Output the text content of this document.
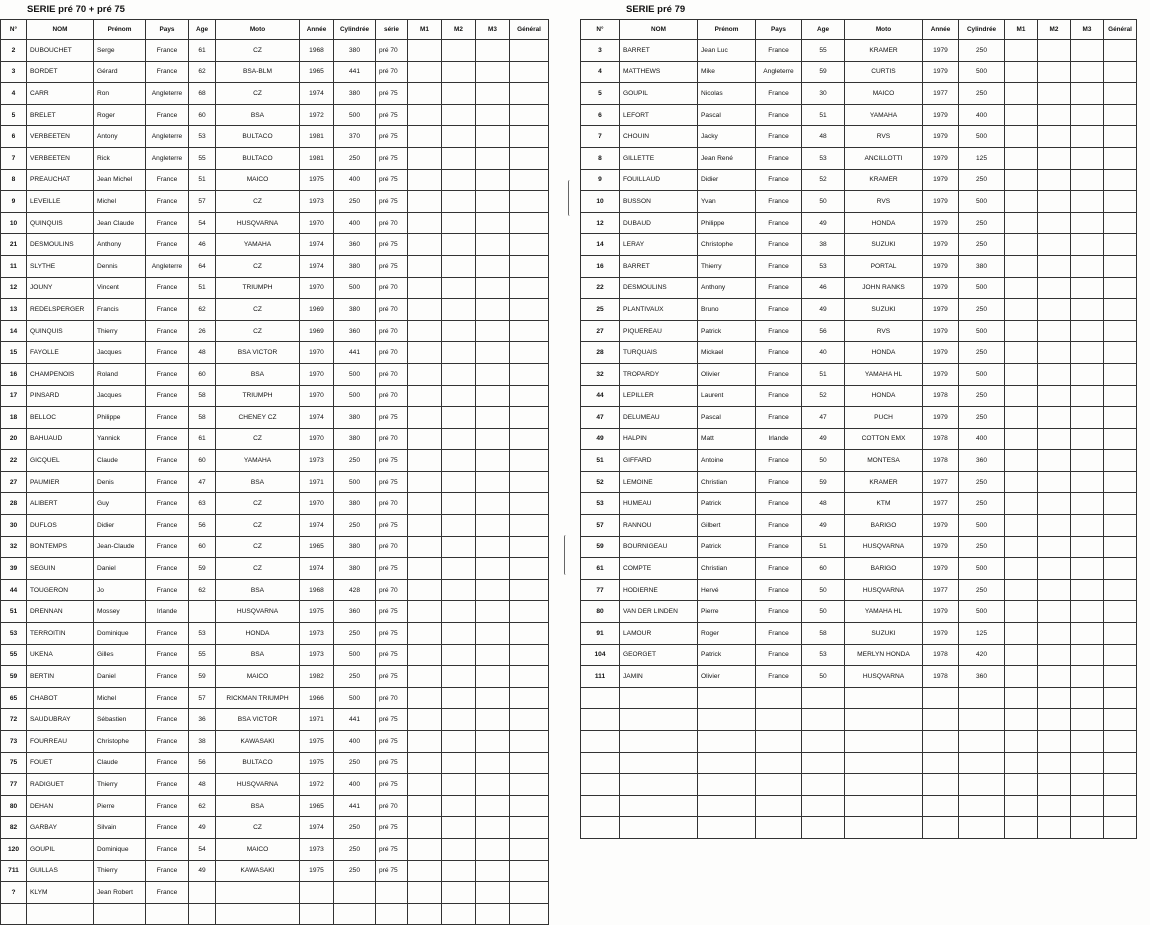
SERIE pré 70 + pré 75
N°	NOM	Prénom	Pays	Age	Moto	Année	Cylindrée	série	M1	M2	M3	Général
2	DUBOUCHET	Serge	France	61	CZ	1968	380	pré 70				
3	BORDET	Gérard	France	62	BSA-BLM	1965	441	pré 70				
4	CARR	Ron	Angleterre	68	CZ	1974	380	pré 75				
5	BRELET	Roger	France	60	BSA	1972	500	pré 75				
6	VERBEETEN	Antony	Angleterre	53	BULTACO	1981	370	pré 75				
7	VERBEETEN	Rick	Angleterre	55	BULTACO	1981	250	pré 75				
8	PREAUCHAT	Jean Michel	France	51	MAICO	1975	400	pré 75				
9	LEVEILLE	Michel	France	57	CZ	1973	250	pré 75				
10	QUINQUIS	Jean Claude	France	54	HUSQVARNA	1970	400	pré 70				
21	DESMOULINS	Anthony	France	46	YAMAHA	1974	360	pré 75				
11	SLYTHE	Dennis	Angleterre	64	CZ	1974	380	pré 75				
12	JOUNY	Vincent	France	51	TRIUMPH	1970	500	pré 70				
13	REDELSPERGER	Francis	France	62	CZ	1969	380	pré 70				
14	QUINQUIS	Thierry	France	26	CZ	1969	360	pré 70				
15	FAYOLLE	Jacques	France	48	BSA VICTOR	1970	441	pré 70				
16	CHAMPENOIS	Roland	France	60	BSA	1970	500	pré 70				
17	PINSARD	Jacques	France	58	TRIUMPH	1970	500	pré 70				
18	BELLOC	Philippe	France	58	CHENEY CZ	1974	380	pré 75				
20	BAHUAUD	Yannick	France	61	CZ	1970	380	pré 70				
22	GICQUEL	Claude	France	60	YAMAHA	1973	250	pré 75				
27	PAUMIER	Denis	France	47	BSA	1971	500	pré 75				
28	ALIBERT	Guy	France	63	CZ	1970	380	pré 70				
30	DUFLOS	Didier	France	56	CZ	1974	250	pré 75				
32	BONTEMPS	Jean-Claude	France	60	CZ	1965	380	pré 70				
39	SEGUIN	Daniel	France	59	CZ	1974	380	pré 75				
44	TOUGERON	Jo	France	62	BSA	1968	428	pré 70				
51	DRENNAN	Mossey	Irlande		HUSQVARNA	1975	360	pré 75				
53	TERROITIN	Dominique	France	53	HONDA	1973	250	pré 75				
55	UKENA	Gilles	France	55	BSA	1973	500	pré 75				
59	BERTIN	Daniel	France	59	MAICO	1982	250	pré 75				
65	CHABOT	Michel	France	57	RICKMAN TRIUMPH	1966	500	pré 70				
72	SAUDUBRAY	Sébastien	France	36	BSA VICTOR	1971	441	pré 75				
73	FOURREAU	Christophe	France	38	KAWASAKI	1975	400	pré 75				
75	FOUET	Claude	France	56	BULTACO	1975	250	pré 75				
77	RADIGUET	Thierry	France	48	HUSQVARNA	1972	400	pré 75				
80	DEHAN	Pierre	France	62	BSA	1965	441	pré 70				
82	GARBAY	Silvain	France	49	CZ	1974	250	pré 75				
120	GOUPIL	Dominique	France	54	MAICO	1973	250	pré 75				
711	GUILLAS	Thierry	France	49	KAWASAKI	1975	250	pré 75				
?	KLYM	Jean Robert	France									

SERIE pré 79
N°	NOM	Prénom	Pays	Age	Moto	Année	Cylindrée	M1	M2	M3	Général
3	BARRET	Jean Luc	France	55	KRAMER	1979	250				
4	MATTHEWS	Mike	Angleterre	59	CURTIS	1979	500				
5	GOUPIL	Nicolas	France	30	MAICO	1977	250				
6	LEFORT	Pascal	France	51	YAMAHA	1979	400				
7	CHOUIN	Jacky	France	48	RVS	1979	500				
8	GILLETTE	Jean René	France	53	ANCILLOTTI	1979	125				
9	FOUILLAUD	Didier	France	52	KRAMER	1979	250				
10	BUSSON	Yvan	France	50	RVS	1979	500				
12	DUBAUD	Philippe	France	49	HONDA	1979	250				
14	LERAY	Christophe	France	38	SUZUKI	1979	250				
16	BARRET	Thierry	France	53	PORTAL	1979	380				
22	DESMOULINS	Anthony	France	46	JOHN RANKS	1979	500				
25	PLANTIVAUX	Bruno	France	49	SUZUKI	1979	250				
27	PIQUEREAU	Patrick	France	56	RVS	1979	500				
28	TURQUAIS	Mickael	France	40	HONDA	1979	250				
32	TROPARDY	Olivier	France	51	YAMAHA HL	1979	500				
44	LEPILLER	Laurent	France	52	HONDA	1978	250				
47	DELUMEAU	Pascal	France	47	PUCH	1979	250				
49	HALPIN	Matt	Irlande	49	COTTON EMX	1978	400				
51	GIFFARD	Antoine	France	50	MONTESA	1978	360				
52	LEMOINE	Christian	France	59	KRAMER	1977	250				
53	HUMEAU	Patrick	France	48	KTM	1977	250				
57	RANNOU	Gilbert	France	49	BARIGO	1979	500				
59	BOURNIGEAU	Patrick	France	51	HUSQVARNA	1979	250				
61	COMPTE	Christian	France	60	BARIGO	1979	500				
77	HODIERNE	Hervé	France	50	HUSQVARNA	1977	250				
80	VAN DER LINDEN	Pierre	France	50	YAMAHA HL	1979	500				
91	LAMOUR	Roger	France	58	SUZUKI	1979	125				
104	GEORGET	Patrick	France	53	MERLYN HONDA	1978	420				
111	JAMIN	Olivier	France	50	HUSQVARNA	1978	360				
